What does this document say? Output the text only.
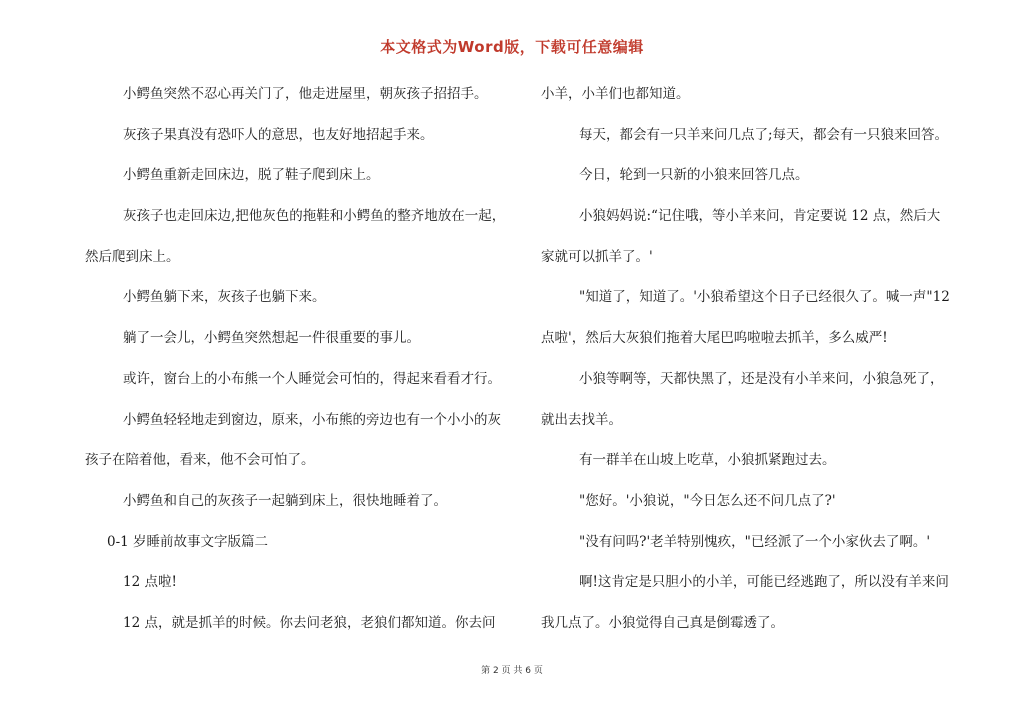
本文格式为Word版，下载可任意编辑
小鳄鱼突然不忍心再关门了，他走进屋里，朝灰孩子招招手。
灰孩子果真没有恐吓人的意思，也友好地招起手来。
小鳄鱼重新走回床边，脱了鞋子爬到床上。
灰孩子也走回床边,把他灰色的拖鞋和小鳄鱼的整齐地放在一起，
然后爬到床上。
小鳄鱼躺下来，灰孩子也躺下来。
躺了一会儿，小鳄鱼突然想起一件很重要的事儿。
或许，窗台上的小布熊一个人睡觉会可怕的，得起来看看才行。
小鳄鱼轻轻地走到窗边，原来，小布熊的旁边也有一个小小的灰
孩子在陪着他，看来，他不会可怕了。
小鳄鱼和自己的灰孩子一起躺到床上，很快地睡着了。
0-1 岁睡前故事文字版篇二
12 点啦!
12 点，就是抓羊的时候。你去问老狼，老狼们都知道。你去问
小羊，小羊们也都知道。
每天，都会有一只羊来问几点了;每天，都会有一只狼来回答。
今日，轮到一只新的小狼来回答几点。
小狼妈妈说:“记住哦，等小羊来问，肯定要说 12 点，然后大
家就可以抓羊了。'
"知道了，知道了。'小狼希望这个日子已经很久了。喊一声"12
点啦'，然后大灰狼们拖着大尾巴呜啦啦去抓羊，多么威严!
小狼等啊等，天都快黑了，还是没有小羊来问，小狼急死了，
就出去找羊。
有一群羊在山坡上吃草，小狼抓紧跑过去。
"您好。'小狼说，"今日怎么还不问几点了?'
"没有问吗?'老羊特别愧疚，"已经派了一个小家伙去了啊。'
啊!这肯定是只胆小的小羊，可能已经逃跑了，所以没有羊来问
我几点了。小狼觉得自己真是倒霉透了。
第 2 页 共 6 页
